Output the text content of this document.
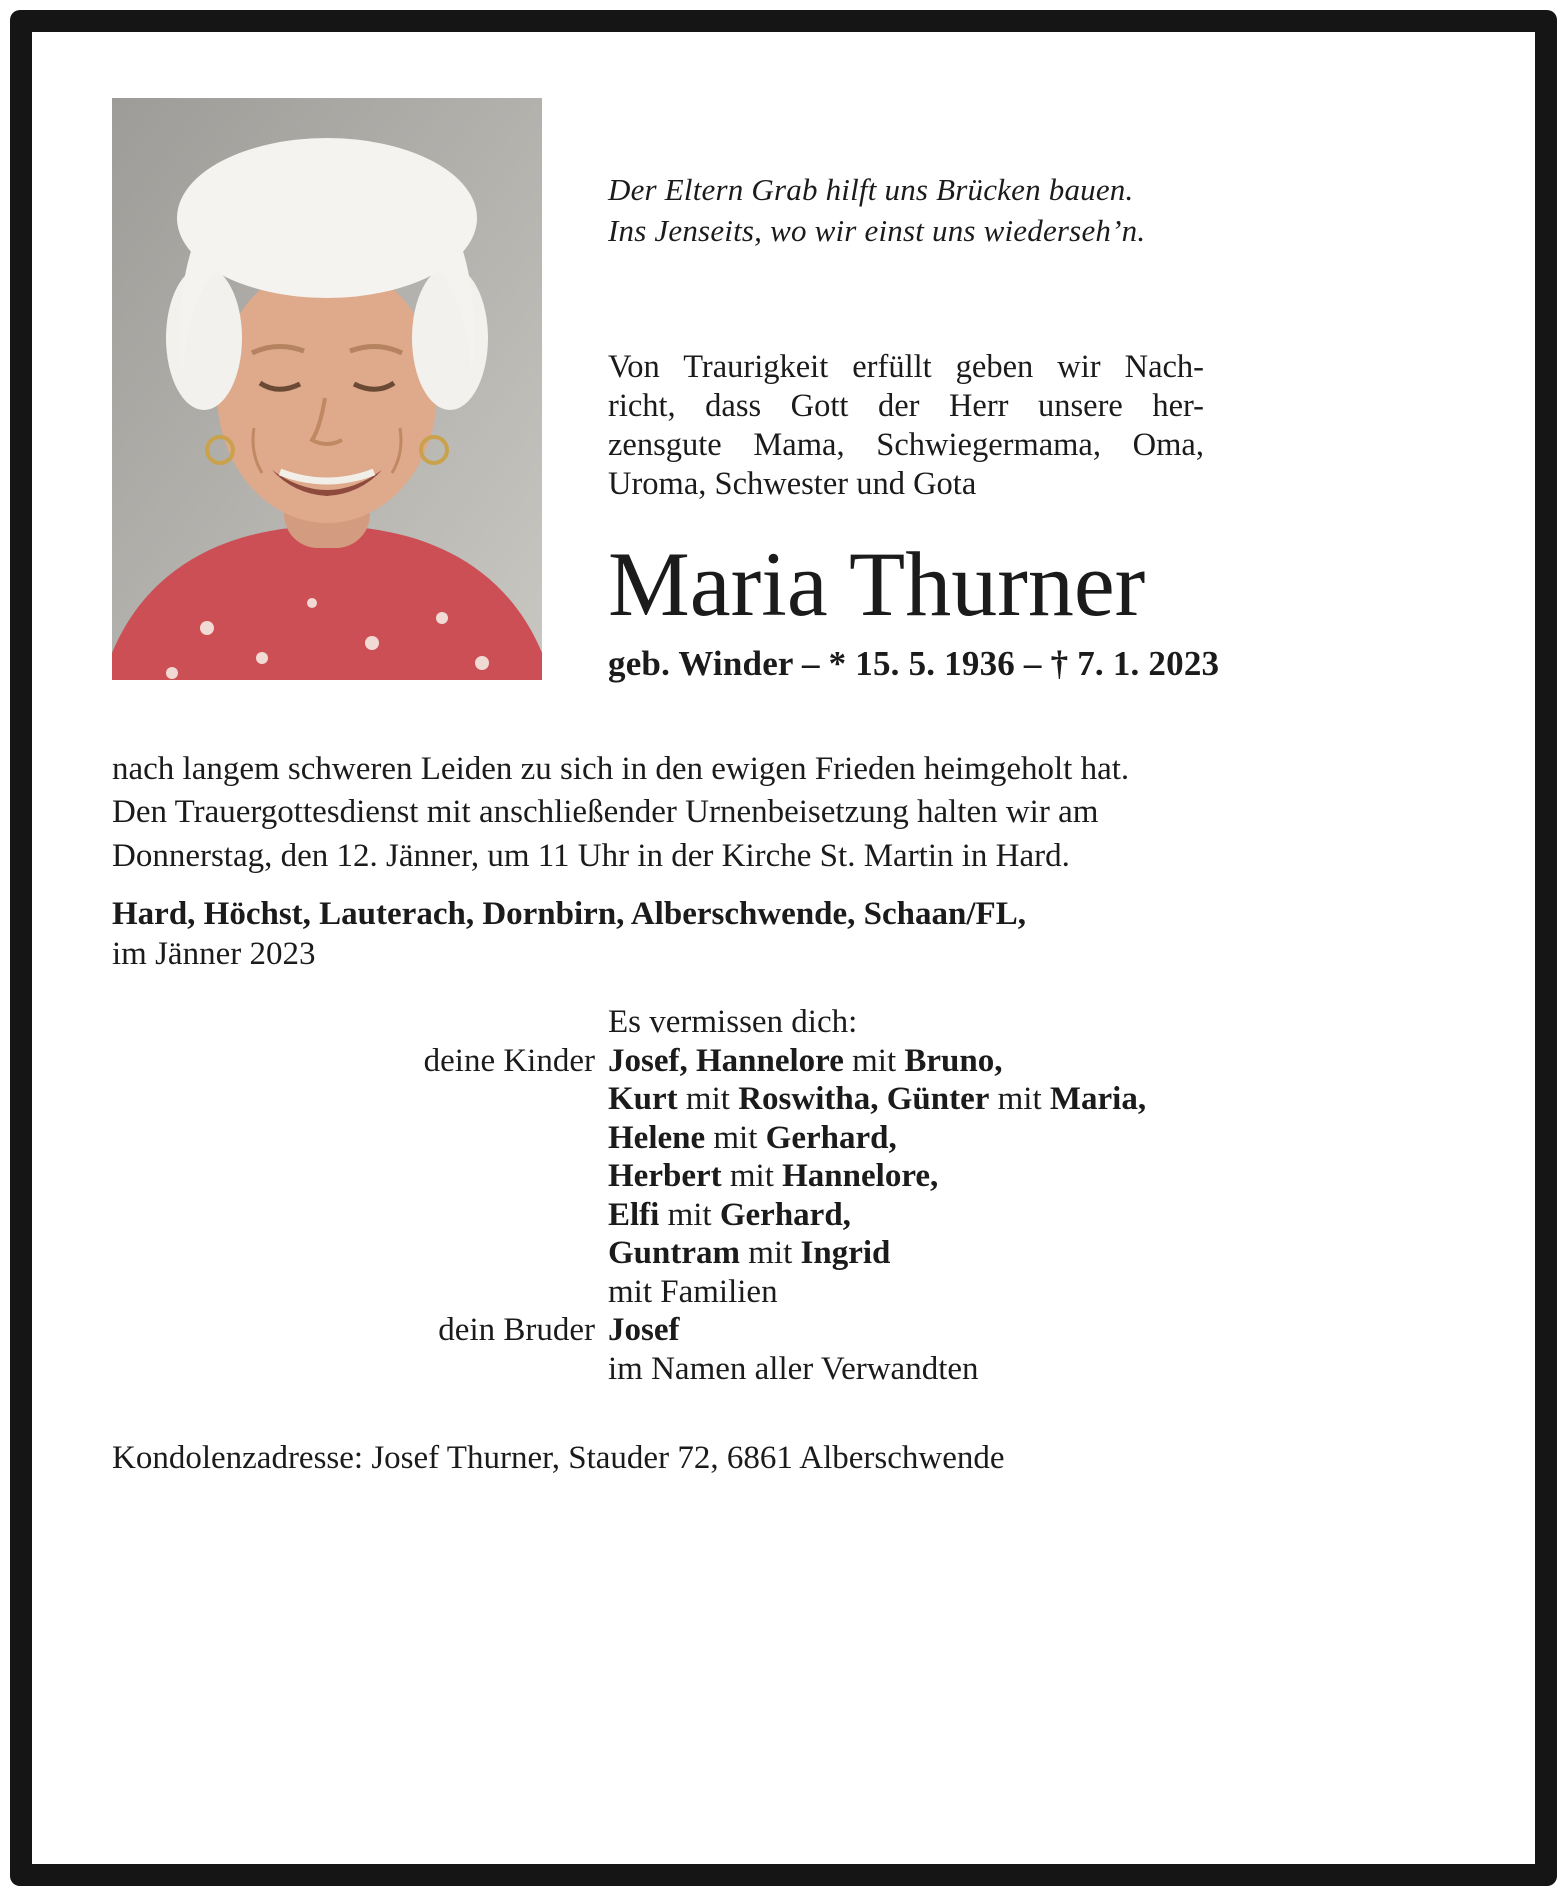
Der Eltern Grab hilft uns Brücken bauen.
Ins Jenseits, wo wir einst uns wiederseh’n.

Von Traurigkeit erfüllt geben wir Nach-
richt, dass Gott der Herr unsere her-
zensgute Mama, Schwiegermama, Oma,
Uroma, Schwester und Gota
Maria Thurner

geb. Winder – * 15. 5. 1936 – † 7. 1. 2023

nach langem schweren Leiden zu sich in den ewigen Frieden heimgeholt hat.
Den Trauergottesdienst mit anschließender Urnenbeisetzung halten wir am
Donnerstag, den 12. Jänner, um 11 Uhr in der Kirche St. Martin in Hard.

Hard, Höchst, Lauterach, Dornbirn, Alberschwende, Schaan/FL,

im Jänner 2023

Es vermissen dich:
deine Kinder Josef, Hannelore mit Bruno,
Kurt mit Roswitha, Günter mit Maria,
Helene mit Gerhard,
Herbert mit Hannelore,
Elfi mit Gerhard,
Guntram mit Ingrid
mit Familien
dein Bruder Josef
im Namen aller Verwandten

Kondolenzadresse: Josef Thurner, Stauder 72, 6861 Alberschwende
